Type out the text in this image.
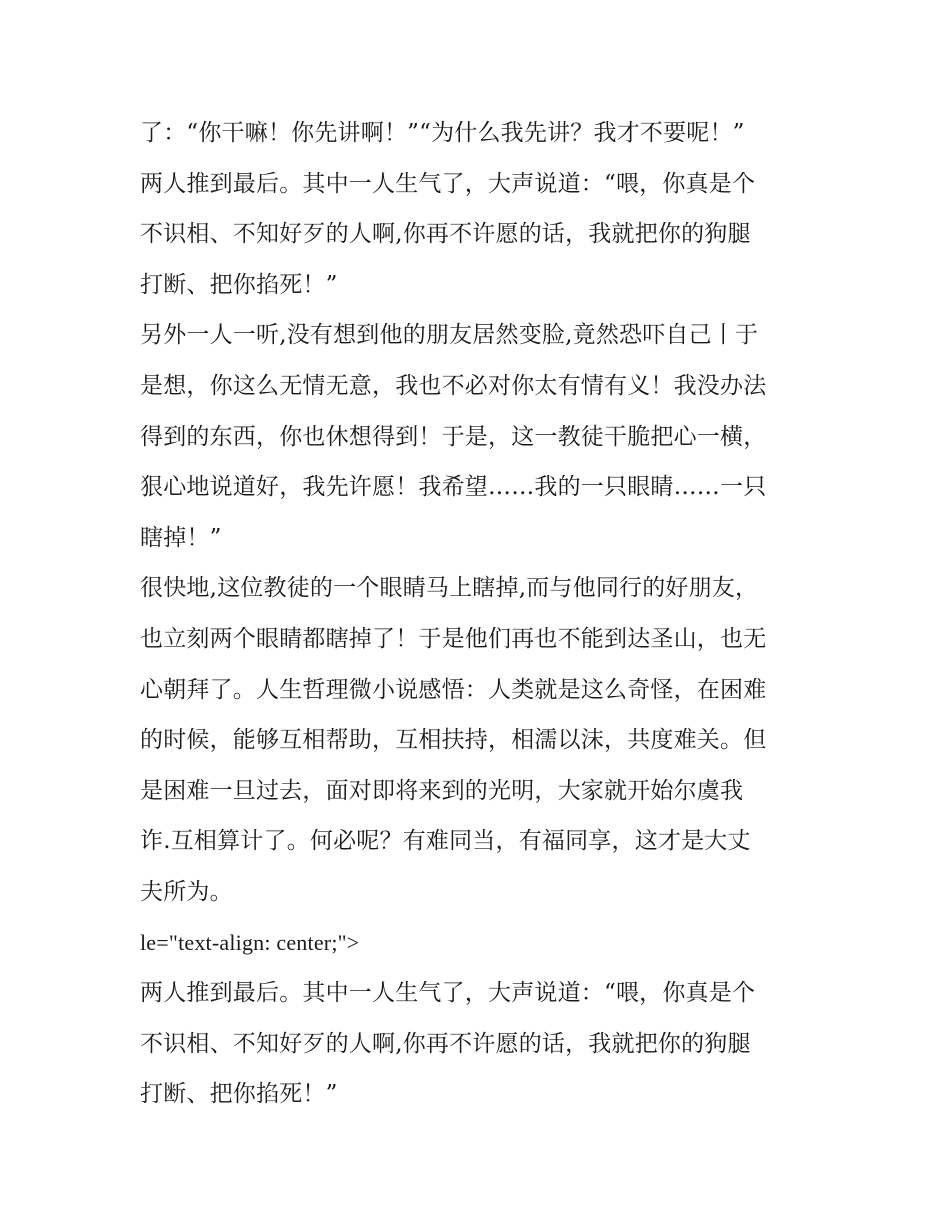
了：“你干嘛！你先讲啊！”“为什么我先讲？我才不要呢！”
两人推到最后。其中一人生气了，大声说道：“喂，你真是个
不识相、不知好歹的人啊,你再不许愿的话，我就把你的狗腿
打断、把你掐死！”
另外一人一听,没有想到他的朋友居然变脸,竟然恐吓自己丨于
是想，你这么无情无意，我也不必对你太有情有义！我没办法
得到的东西，你也休想得到！于是，这一教徒干脆把心一横，
狠心地说道好，我先许愿！我希望……我的一只眼睛……一只
瞎掉！”
很快地,这位教徒的一个眼睛马上瞎掉,而与他同行的好朋友，
也立刻两个眼睛都瞎掉了！于是他们再也不能到达圣山，也无
心朝拜了。人生哲理微小说感悟：人类就是这么奇怪，在困难
的时候，能够互相帮助，互相扶持，相濡以沫，共度难关。但
是困难一旦过去，面对即将来到的光明，大家就开始尔虞我
诈.互相算计了。何必呢？有难同当，有福同享，这才是大丈
夫所为。
le="text-align: center;">
两人推到最后。其中一人生气了，大声说道：“喂，你真是个
不识相、不知好歹的人啊,你再不许愿的话，我就把你的狗腿
打断、把你掐死！”
